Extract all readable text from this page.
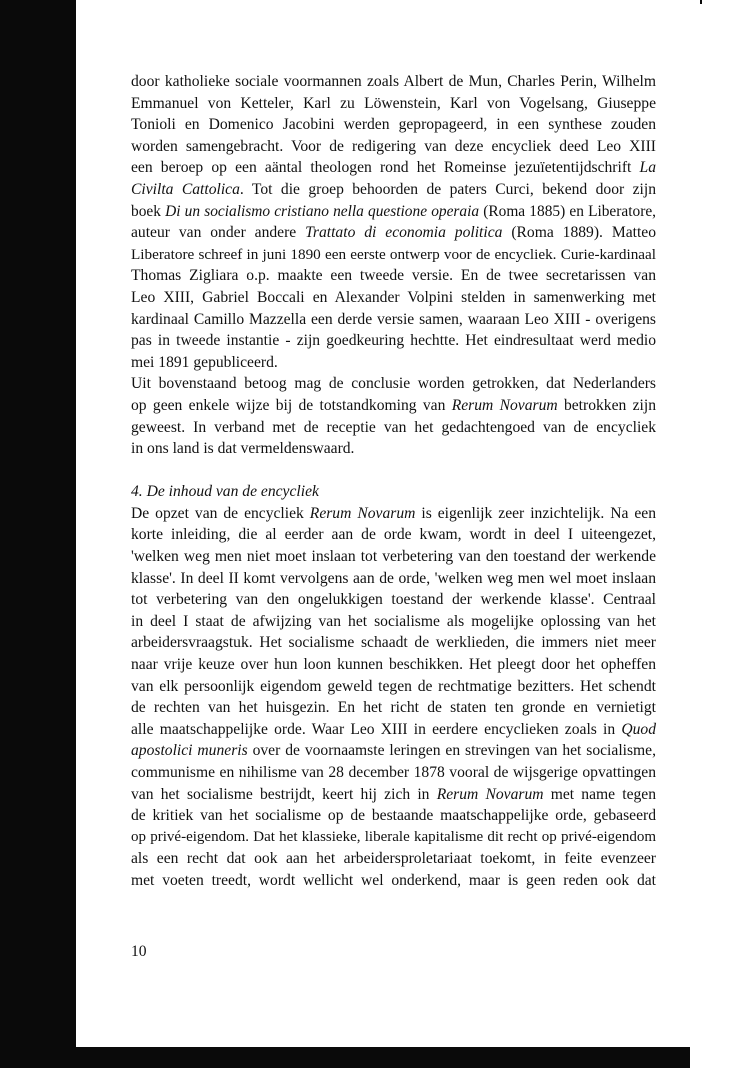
door katholieke sociale voormannen zoals Albert de Mun, Charles Perin, Wilhelm
Emmanuel von Ketteler, Karl zu Löwenstein, Karl von Vogelsang, Giuseppe
Tonioli en Domenico Jacobini werden gepropageerd, in een synthese zouden
worden samengebracht. Voor de redigering van deze encycliek deed Leo XIII
een beroep op een aäntal theologen rond het Romeinse jezuïetentijdschrift La
Civilta Cattolica. Tot die groep behoorden de paters Curci, bekend door zijn
boek Di un socialismo cristiano nella questione operaia (Roma 1885) en Liberatore,
auteur van onder andere Trattato di economia politica (Roma 1889). Matteo
Liberatore schreef in juni 1890 een eerste ontwerp voor de encycliek. Curie-kardinaal
Thomas Zigliara o.p. maakte een tweede versie. En de twee secretarissen van
Leo XIII, Gabriel Boccali en Alexander Volpini stelden in samenwerking met
kardinaal Camillo Mazzella een derde versie samen, waaraan Leo XIII - overigens
pas in tweede instantie - zijn goedkeuring hechtte. Het eindresultaat werd medio
mei 1891 gepubliceerd.
Uit bovenstaand betoog mag de conclusie worden getrokken, dat Nederlanders
op geen enkele wijze bij de totstandkoming van Rerum Novarum betrokken zijn
geweest. In verband met de receptie van het gedachtengoed van de encycliek
in ons land is dat vermeldenswaard.
4. De inhoud van de encycliek
De opzet van de encycliek Rerum Novarum is eigenlijk zeer inzichtelijk. Na een
korte inleiding, die al eerder aan de orde kwam, wordt in deel I uiteengezet,
'welken weg men niet moet inslaan tot verbetering van den toestand der werkende
klasse'. In deel II komt vervolgens aan de orde, 'welken weg men wel moet inslaan
tot verbetering van den ongelukkigen toestand der werkende klasse'. Centraal
in deel I staat de afwijzing van het socialisme als mogelijke oplossing van het
arbeidersvraagstuk. Het socialisme schaadt de werklieden, die immers niet meer
naar vrije keuze over hun loon kunnen beschikken. Het pleegt door het opheffen
van elk persoonlijk eigendom geweld tegen de rechtmatige bezitters. Het schendt
de rechten van het huisgezin. En het richt de staten ten gronde en vernietigt
alle maatschappelijke orde. Waar Leo XIII in eerdere encyclieken zoals in Quod
apostolici muneris over de voornaamste leringen en strevingen van het socialisme,
communisme en nihilisme van 28 december 1878 vooral de wijsgerige opvattingen
van het socialisme bestrijdt, keert hij zich in Rerum Novarum met name tegen
de kritiek van het socialisme op de bestaande maatschappelijke orde, gebaseerd
op privé-eigendom. Dat het klassieke, liberale kapitalisme dit recht op privé-eigendom
als een recht dat ook aan het arbeidersproletariaat toekomt, in feite evenzeer
met voeten treedt, wordt wellicht wel onderkend, maar is geen reden ook dat
10
